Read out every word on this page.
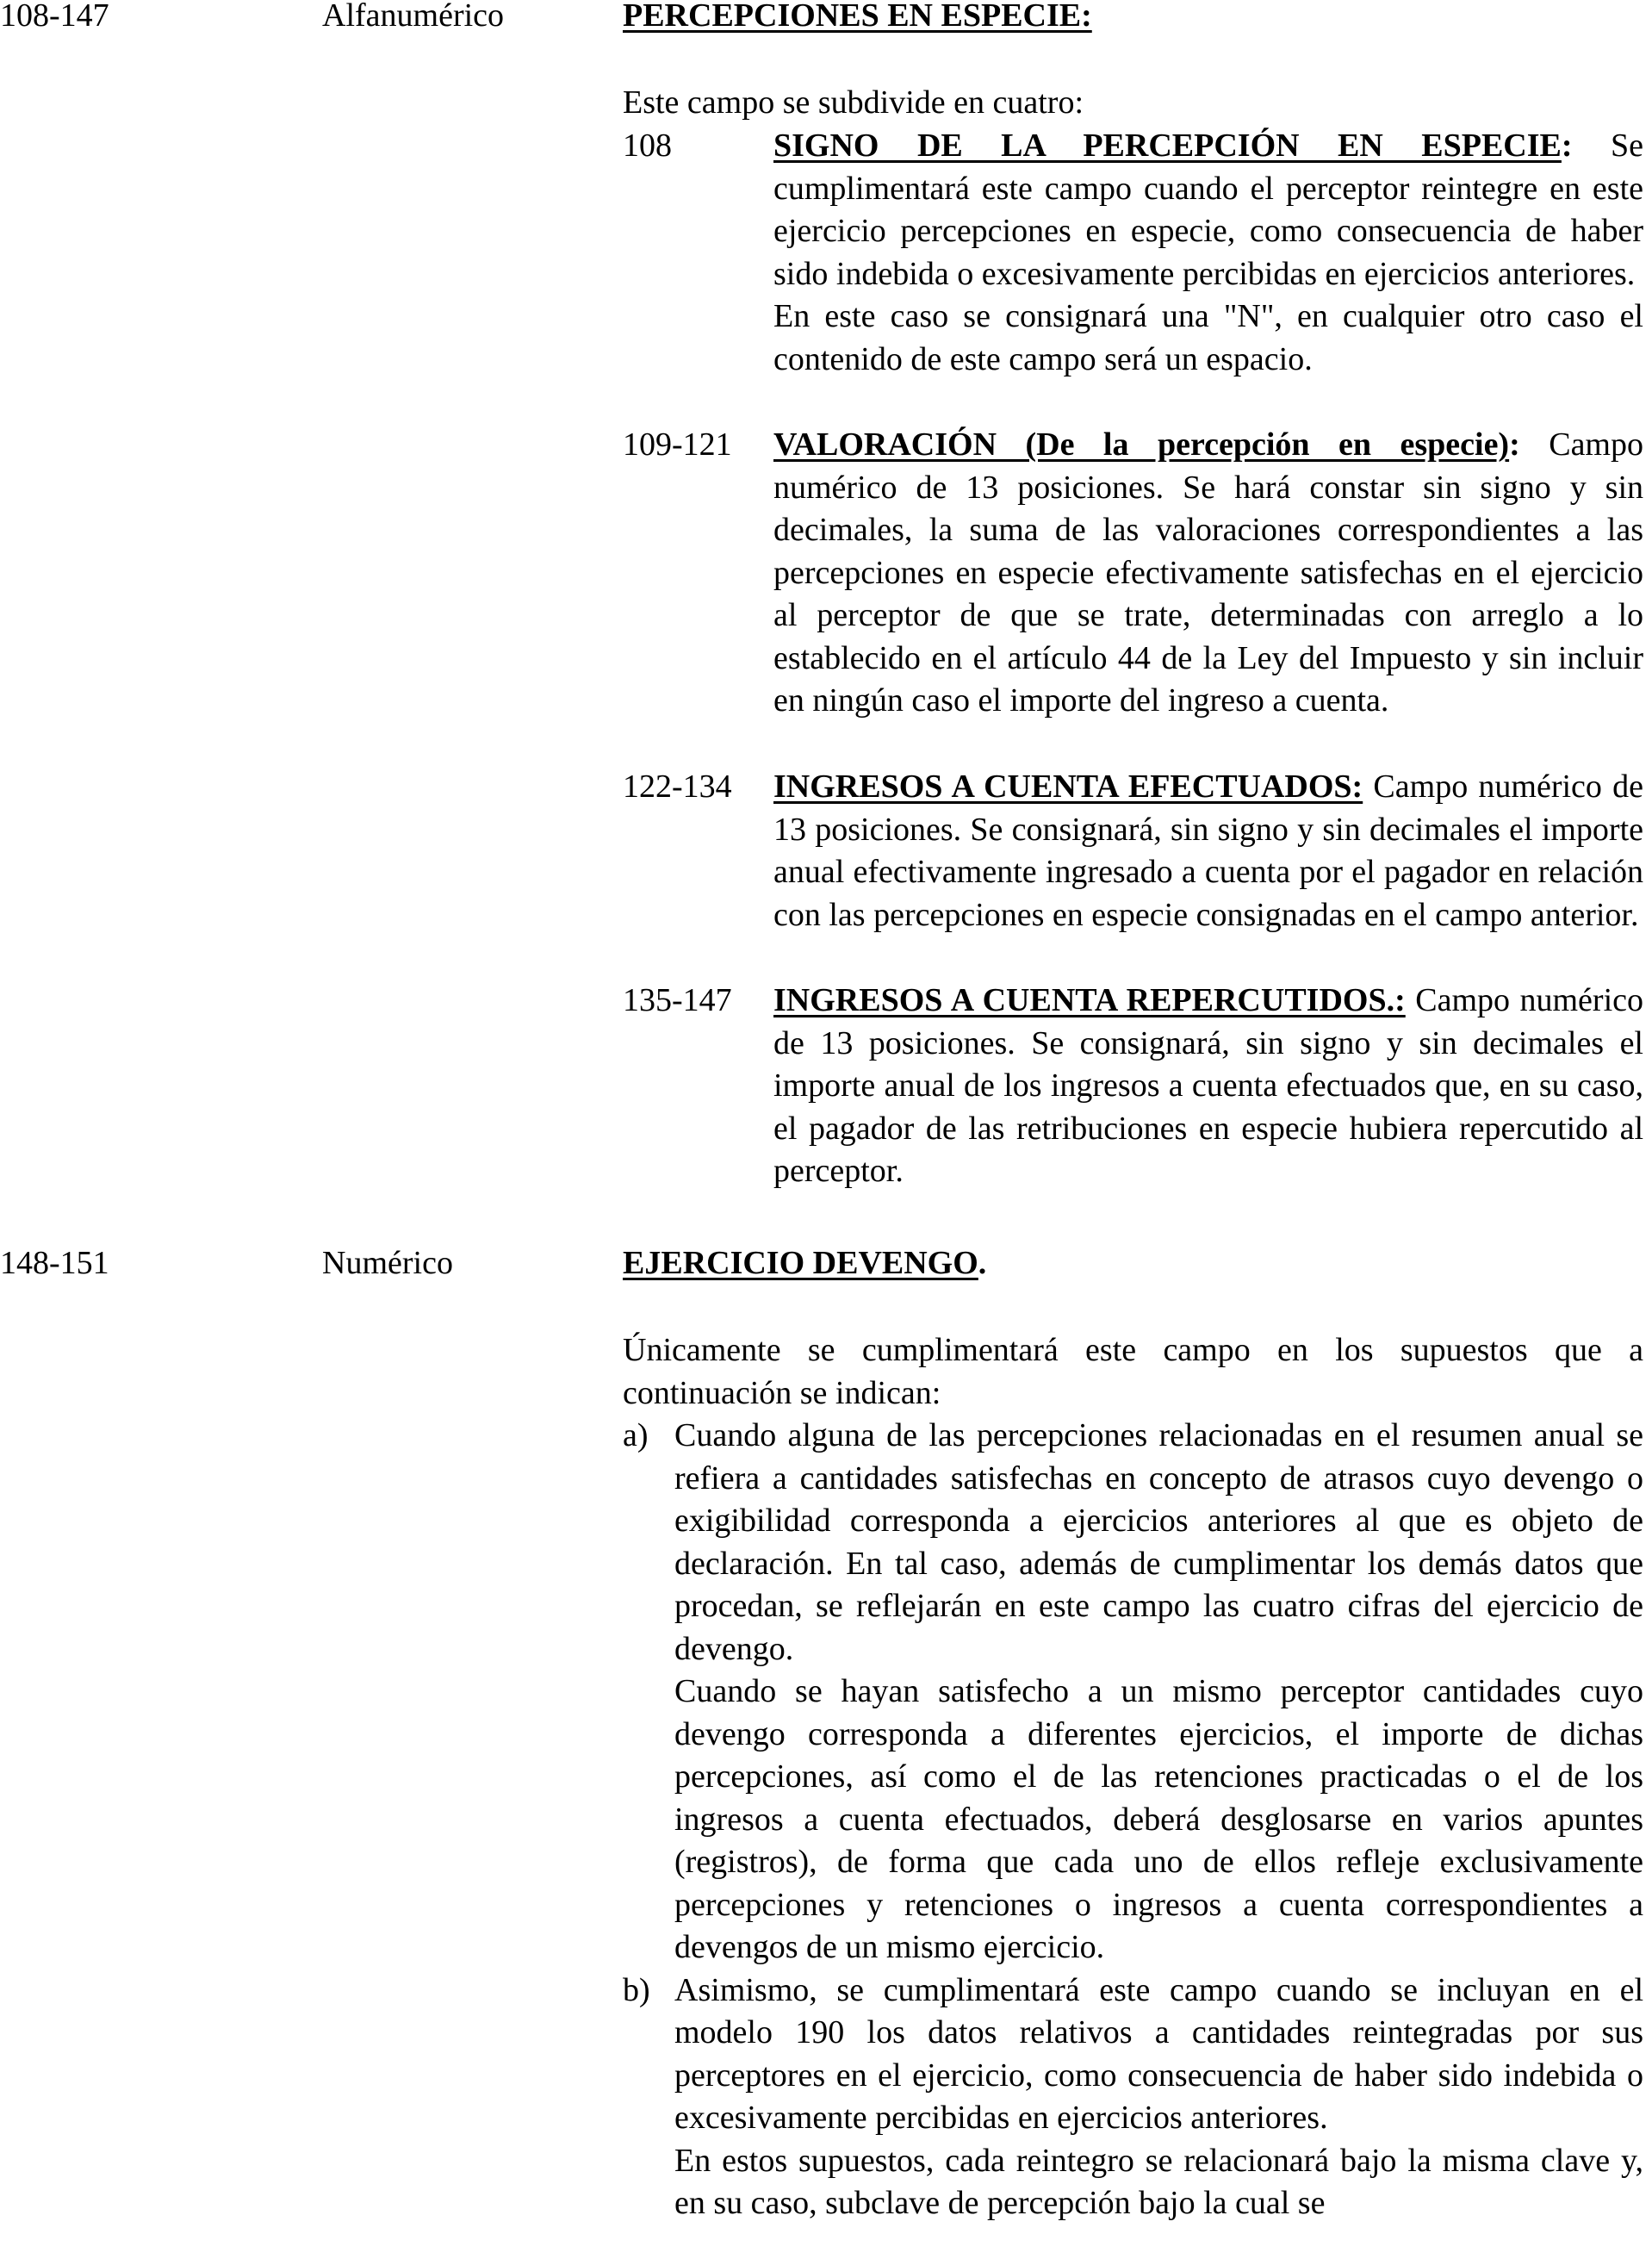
108-147	Alfanumérico	PERCEPCIONES EN ESPECIE:
Este campo se subdivide en cuatro:
108	SIGNO DE LA PERCEPCIÓN EN ESPECIE: Se cumplimentará este campo cuando el perceptor reintegre en este ejercicio percepciones en especie, como consecuencia de haber sido indebida o excesivamente percibidas en ejercicios anteriores.

En este caso se consignará una "N", en cualquier otro caso el contenido de este campo será un espacio.

109-121	VALORACIÓN (De la percepción en especie): Campo numérico de 13 posiciones. Se hará constar sin signo y sin decimales, la suma de las valoraciones correspondientes a las percepciones en especie efectivamente satisfechas en el ejercicio al perceptor de que se trate, determinadas con arreglo a lo establecido en el artículo 44 de la Ley del Impuesto y sin incluir en ningún caso el importe del ingreso a cuenta.

122-134	INGRESOS A CUENTA EFECTUADOS: Campo numérico de 13 posiciones. Se consignará, sin signo y sin decimales el importe anual efectivamente ingresado a cuenta por el pagador en relación con las percepciones en especie consignadas en el campo anterior.

135-147	INGRESOS A CUENTA REPERCUTIDOS.: Campo numérico de 13 posiciones. Se consignará, sin signo y sin decimales el importe anual de los ingresos a cuenta efectuados que, en su caso, el pagador de las retribuciones en especie hubiera repercutido al perceptor.

148-151	Numérico	EJERCICIO DEVENGO.

Únicamente se cumplimentará este campo en los supuestos que a continuación se indican:

a) Cuando alguna de las percepciones relacionadas en el resumen anual se refiera a cantidades satisfechas en concepto de atrasos cuyo devengo o exigibilidad corresponda a ejercicios anteriores al que es objeto de declaración. En tal caso, además de cumplimentar los demás datos que procedan, se reflejarán en este campo las cuatro cifras del ejercicio de devengo.

Cuando se hayan satisfecho a un mismo perceptor cantidades cuyo devengo corresponda a diferentes ejercicios, el importe de dichas percepciones, así como el de las retenciones practicadas o el de los ingresos a cuenta efectuados, deberá desglosarse en varios apuntes (registros), de forma que cada uno de ellos refleje exclusivamente percepciones y retenciones o ingresos a cuenta correspondientes a devengos de un mismo ejercicio.

b) Asimismo, se cumplimentará este campo cuando se incluyan en el modelo 190 los datos relativos a cantidades reintegradas por sus perceptores en el ejercicio, como consecuencia de haber sido indebida o excesivamente percibidas en ejercicios anteriores.

En estos supuestos, cada reintegro se relacionará bajo la misma clave y, en su caso, subclave de percepción bajo la cual se
